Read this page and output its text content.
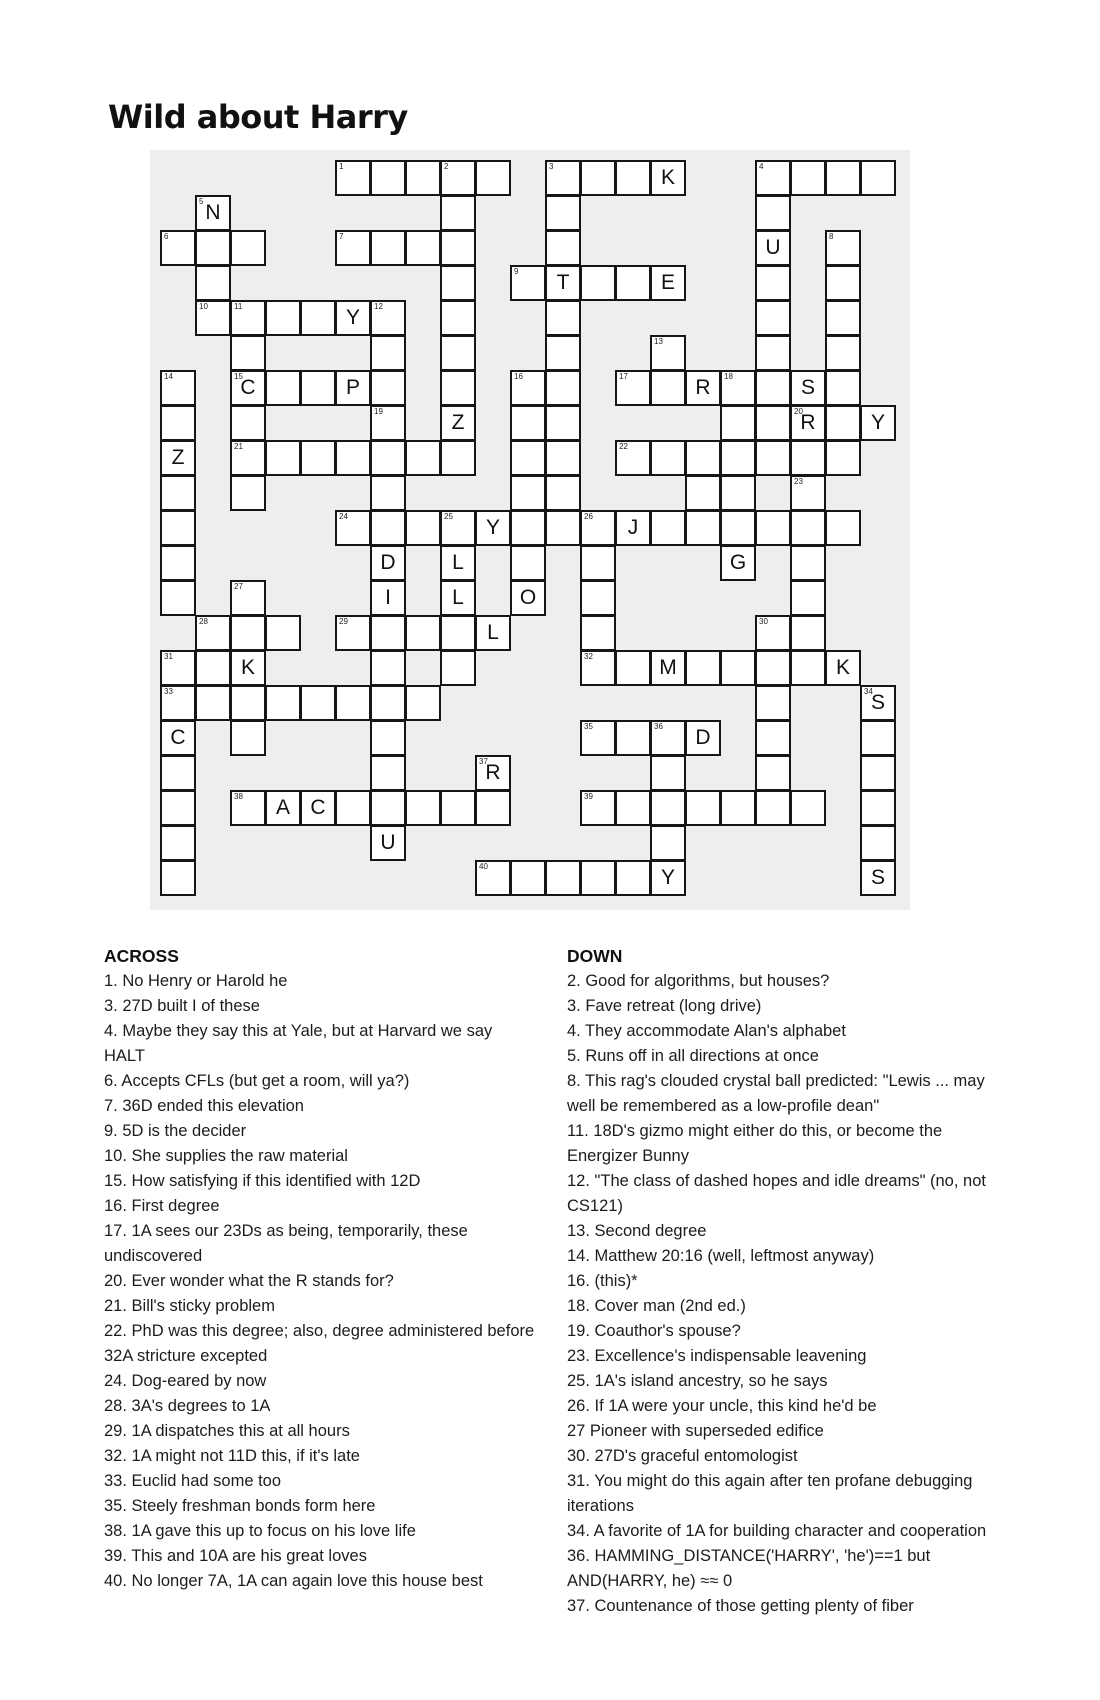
Wild about Harry
1	2	3	K	4
5 N
6	7	U	8
9	T	E
10	11	Y	12
13
14	15
C	P	16	17	R	18	S
19	Z	20
R	Y
Z	21	22
23
24	25	Y	26	J
D	L	G
27	I	L	O
28	29	L	30
31	K	32	M	K
33	34
S
C	35	36	D
37
R
38	A C	39
U
40	Y	S
ACROSS
1. No Henry or Harold he
3. 27D built I of these
4. Maybe they say this at Yale, but at Harvard we say HALT
6. Accepts CFLs (but get a room, will ya?)
7. 36D ended this elevation
9. 5D is the decider
10. She supplies the raw material
15. How satisfying if this identified with 12D
16. First degree
17. 1A sees our 23Ds as being, temporarily, these undiscovered
20. Ever wonder what the R stands for?
21. Bill's sticky problem
22. PhD was this degree; also, degree administered before 32A stricture excepted
24. Dog-eared by now
28. 3A's degrees to 1A
29. 1A dispatches this at all hours
32. 1A might not 11D this, if it's late
33. Euclid had some too
35. Steely freshman bonds form here
38. 1A gave this up to focus on his love life
39. This and 10A are his great loves
40. No longer 7A, 1A can again love this house best
DOWN
2. Good for algorithms, but houses?
3. Fave retreat (long drive)
4. They accommodate Alan's alphabet
5. Runs off in all directions at once
8. This rag's clouded crystal ball predicted: "Lewis ... may well be remembered as a low-profile dean"
11. 18D's gizmo might either do this, or become the Energizer Bunny
12. "The class of dashed hopes and idle dreams" (no, not CS121)
13. Second degree
14. Matthew 20:16 (well, leftmost anyway)
16. (this)*
18. Cover man (2nd ed.)
19. Coauthor's spouse?
23. Excellence's indispensable leavening
25. 1A's island ancestry, so he says
26. If 1A were your uncle, this kind he'd be
27 Pioneer with superseded edifice
30. 27D's graceful entomologist
31. You might do this again after ten profane debugging iterations
34. A favorite of 1A for building character and cooperation
36. HAMMING_DISTANCE('HARRY', 'he')==1 but AND(HARRY, he) ≈≈ 0
37. Countenance of those getting plenty of fiber
